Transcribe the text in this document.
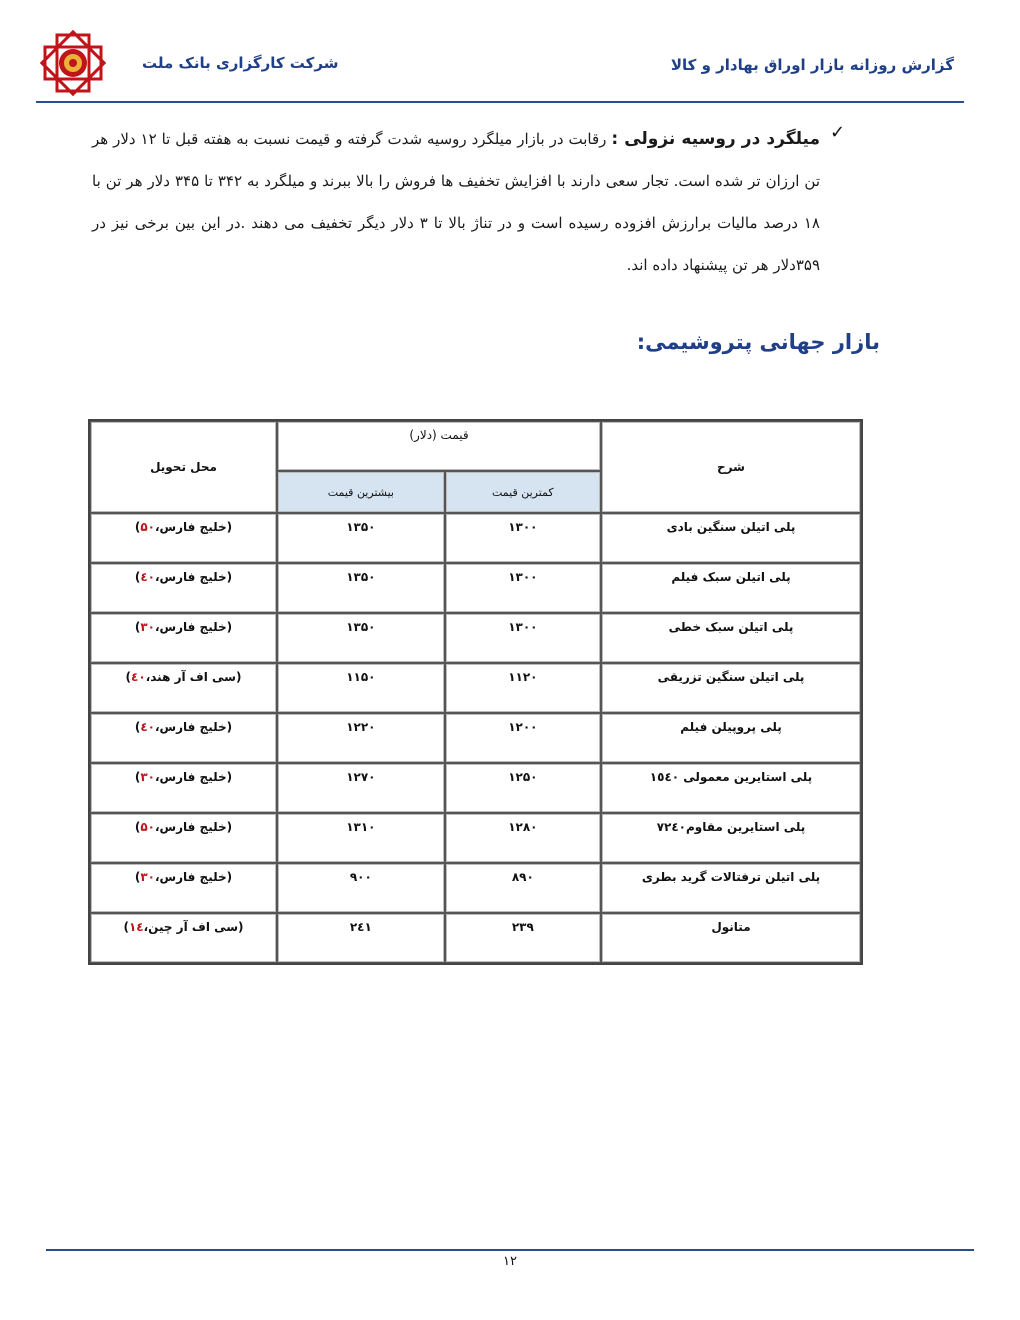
شرکت کارگزاری بانک ملت	گزارش روزانه بازار اوراق بهادار و کالا
✓
میلگرد در روسیه نزولی : رقابت در بازار میلگرد روسیه شدت گرفته و قیمت نسبت به هفته قبل تا ۱۲ دلار هر تن ارزان تر شده است. تجار سعی دارند با افزایش تخفیف ها فروش را بالا ببرند و میلگرد به ۳۴۲ تا ۳۴۵ دلار هر تن با ۱۸ درصد مالیات برارزش افزوده رسیده است و در تناژ بالا تا ۳ دلار دیگر تخفیف می دهند .در این بین برخی نیز در ۳۵۹دلار هر تن پیشنهاد داده اند.
بازار جهانی پتروشیمی:
شرح	قیمت (دلار)		محل تحویل
	کمترین قیمت	بیشترین قیمت	
پلی اتیلن سنگین بادی	۱۳۰۰	۱۳۵۰	(خلیج فارس،۵۰)
پلی اتیلن سبک فیلم	۱۳۰۰	۱۳۵۰	(خلیج فارس،٤۰)
پلی اتیلن سبک خطی	۱۳۰۰	۱۳۵۰	(خلیج فارس،۳۰)
پلی اتیلن سنگین تزریقی	۱۱۲۰	۱۱۵۰	(سی اف آر هند،٤۰)
پلی پروپیلن فیلم	۱۲۰۰	۱۲۲۰	(خلیج فارس،٤۰)
پلی استایرین معمولی ۱٥٤۰	۱۲۵۰	۱۲۷۰	(خلیج فارس،۳۰)
پلی استایرین مقاوم۷۲٤۰	۱۲۸۰	۱۳۱۰	(خلیج فارس،۵۰)
پلی اتیلن ترفتالات گرید بطری	۸۹۰	۹۰۰	(خلیج فارس،۳۰)
متانول	۲۳۹	۲٤۱	(سی اف آر چین،۱٤)
۱۲
